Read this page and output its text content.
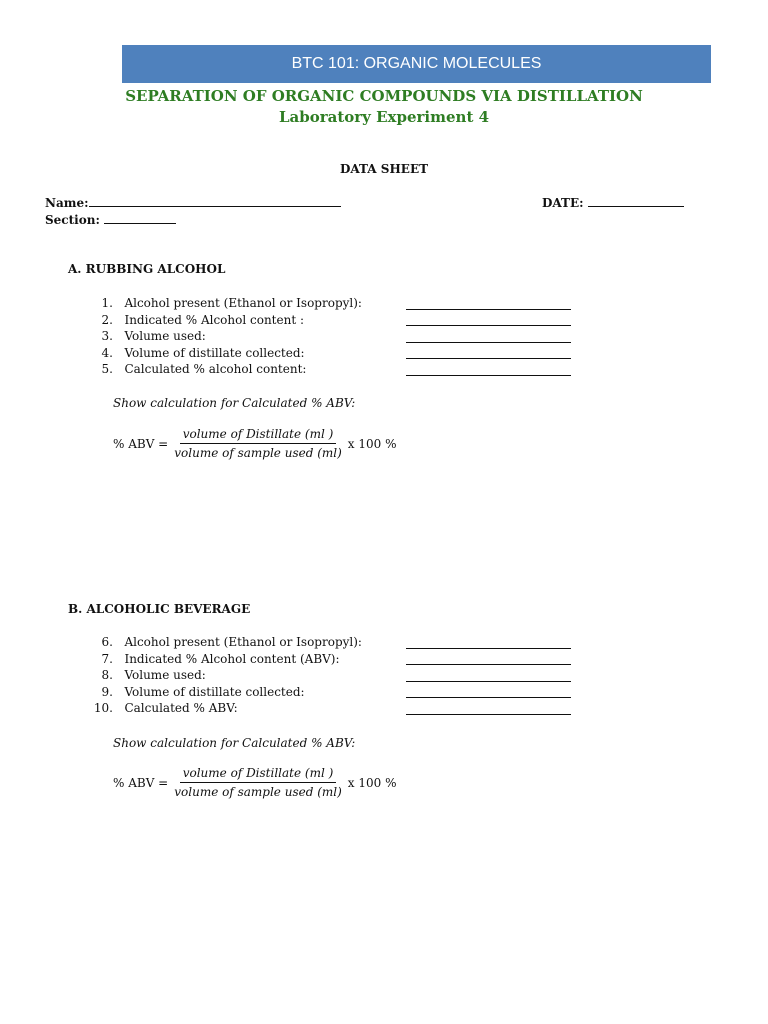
BTC 101: ORGANIC MOLECULES
SEPARATION OF ORGANIC COMPOUNDS VIA DISTILLATION
Laboratory Experiment 4
DATA SHEET
Name:	DATE:
Section:
A. RUBBING ALCOHOL
1.
Alcohol present (Ethanol or Isopropyl):
2.
Indicated % Alcohol content :
3.
Volume used:
4.
Volume of distillate collected:
5.
Calculated % alcohol content:
Show calculation for Calculated % ABV:
% ABV = $\frac{\text{volume of Distillate (ml )}}{\text{volume of sample used (ml)}}$ x 100 %
B. ALCOHOLIC BEVERAGE
6.
Alcohol present (Ethanol or Isopropyl):
7.
Indicated % Alcohol content (ABV):
8.
Volume used:
9.
Volume of distillate collected:
10.
Calculated % ABV:
Show calculation for Calculated % ABV:
% ABV = $\frac{\text{volume of Distillate (ml )}}{\text{volume of sample used (ml)}}$ x 100 %
